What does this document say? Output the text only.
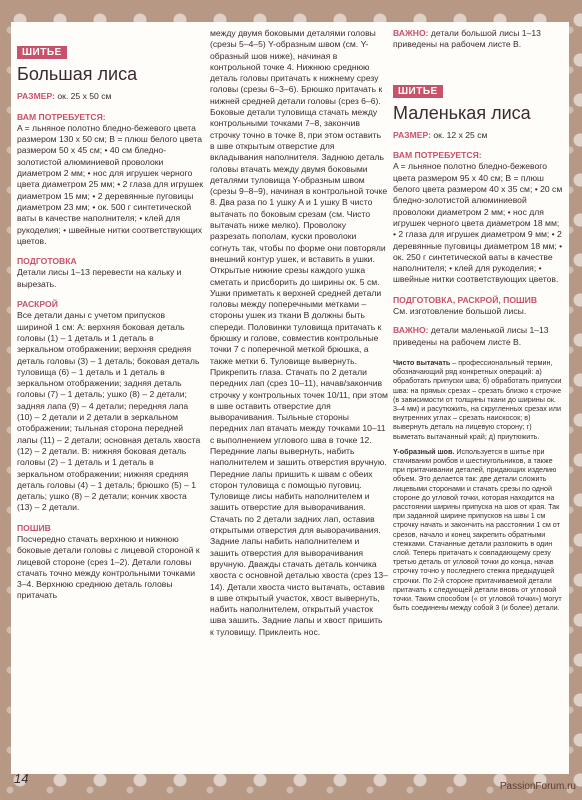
ШИТЬЕ
Большая лиса

РАЗМЕР: ок. 25 х 50 см

ВАМ ПОТРЕБУЕТСЯ:

A = льняное полотно бледно-бежевого цвета размером 130 х 50 см; B = плюш белого цвета размером 50 х 45 см; • 40 см бледно-золотистой алюминиевой проволоки диаметром 2 мм; • нос для игрушек черного цвета диаметром 25 мм; • 2 глаза для игрушек диаметром 15 мм; • 2 деревянные пуговицы диаметром 23 мм; • ок. 500 г синтетической ваты в качестве наполнителя; • клей для рукоделия; • швейные нитки соответствующих цветов.

ПОДГОТОВКА

Детали лисы 1–13 перевести на кальку и вырезать.

РАСКРОЙ

Все детали даны с учетом припусков шириной 1 см: A: верхняя боковая деталь головы (1) – 1 деталь и 1 деталь в зеркальном отображении; верхняя средняя деталь головы (3) – 1 деталь; боковая деталь туловища (6) – 1 деталь и 1 деталь в зеркальном отображении; задняя деталь головы (7) – 1 деталь; ушко (8) – 2 детали; задняя лапа (9) – 4 детали; передняя лапа (10) – 2 детали и 2 детали в зеркальном отображении; тыльная сторона передней лапы (11) – 2 детали; основная деталь хвоста (12) – 2 детали. B: нижняя боковая деталь головы (2) – 1 деталь и 1 деталь в зеркальном отображении; нижняя средняя деталь головы (4) – 1 деталь; брюшко (5) – 1 деталь; ушко (8) – 2 детали; кончик хвоста (13) – 2 детали.

ПОШИВ

Посчередно стачать верхнюю и нижнюю боковые детали головы с лицевой стороной к лицевой стороне (срез 1–2). Детали головы стачать точно между контрольными точками 3–4. Верхнюю среднюю деталь головы притачать

между двумя боковыми деталями головы (срезы 5–4–5) Y-образным швом (см. Y-образный шов ниже), начиная в контрольной точке 4. Нижнюю среднюю деталь головы притачать к нижнему срезу головы (срезы 6–3–6). Брюшко притачать к нижней средней детали головы (срез 6–6). Боковые детали туловища стачать между контрольными точками 7–8, закончив строчку точно в точке 8, при этом оставить в шве открытым отверстие для вкладывания наполнителя. Заднюю деталь головы втачать между двумя боковыми деталями туловища Y-образным швом (срезы 9–8–9), начиная в контрольной точке 8. Два раза по 1 ушку A и 1 ушку B чисто вытачать по боковым срезам (см. Чисто вытачать ниже мелко). Проволоку разрезать пополам, куски проволоки согнуть так, чтобы по форме они повторяли внешний контур ушек, и вставить в ушки. Открытые нижние срезы каждого ушка сметать и присборить до ширины ок. 5 см. Ушки приметать к верхней средней детали головы между поперечными метками – стороны ушек из ткани B должны быть спереди. Половинки туловища притачать к брюшку и голове, совместив контрольные точки 7 с поперечной меткой брюшка, а также метки 6. Туловище вывернуть. Прикрепить глаза. Стачать по 2 детали передних лап (срез 10–11), начав/закончив строчку у контрольных точек 10/11, при этом в шве оставить отверстие для выворачивания. Тыльные стороны передних лап втачать между точками 10–11 с выполнением углового шва в точке 12. Переднние лапы вывернуть, набить наполнителем и зашить отверстия вручную. Передние лапы пришить к швам с обеих сторон туловища с помощью пуговиц. Туловище лисы набить наполнителем и зашить отверстие для выворачивания. Стачать по 2 детали задних лап, оставив открытыми отверстия для выворачивания. Задние лапы набить наполнителем и зашить отверстия для выворачивания вручную. Дважды стачать деталь кончика хвоста с основной деталью хвоста (срез 13–14). Детали хвоста чисто вытачать, оставив в шве открытый участок, хвост вывернуть, набить наполнителем, открытый участок шва зашить. Задние лапы и хвост пришить к туловищу. Приклеить нос.

ВАЖНО: детали большой лисы 1–13 приведены на рабочем листе B.

ШИТЬЕ
Маленькая лиса

РАЗМЕР: ок. 12 х 25 см

ВАМ ПОТРЕБУЕТСЯ:

A = льняное полотно бледно-бежевого цвета размером 95 х 40 см; B = плюш белого цвета размером 40 х 35 см; • 20 см бледно-золотистой алюминиевой проволоки диаметром 2 мм; • нос для игрушек черного цвета диаметром 18 мм; • 2 глаза для игрушек диаметром 9 мм; • 2 деревянные пуговицы диаметром 18 мм; • ок. 250 г синтетической ваты в качестве наполнителя; • клей для рукоделия; • швейные нитки соответствующих цветов.

ПОДГОТОВКА, РАСКРОЙ, ПОШИВ

См. изготовление большой лисы.

ВАЖНО: детали маленькой лисы 1–13 приведены на рабочем листе B.

Чисто вытачать – профессиональный термин, обозначающий ряд конкретных операций: а) обработать припуски шва; б) обработать припуски шва: на прямых срезах – срезать близко к строчке (в зависимости от толщины ткани до ширины ок. 3–4 мм) и расутюжить, на скругленных срезах или внутренних углах – срезать наискосок; в) вывернуть деталь на лицевую сторону; г) выметать вытачанный край; д) приутюжить.

Y-образный шов. Используется в шитье при стачивании ромбов и шестиугольников, а также при притачивании деталей, придающих изделию объем. Это делается так: две детали сложить лицевыми сторонами и стачать срезы по одной стороне до угловой точки, которая находится на расстоянии ширины припуска на шов от края. Так при заданной ширине припусков на швы 1 см строчку начать и закончить на расстоянии 1 см от срезов, начало и конец закрепить обратными стежками. Стачанные детали разложить в один слой. Теперь притачать к совпадающему срезу третью деталь от угловой точки до конца, начав строчку точно у последнего стежка предыдущей строчки. По 2-й стороне притачиваемой детали притачать к следующей детали вновь от угловой точки. Таким способом (« от угловой точки») могут быть соединены между собой 3 (и более) детали.

14
PassionForum.ru
